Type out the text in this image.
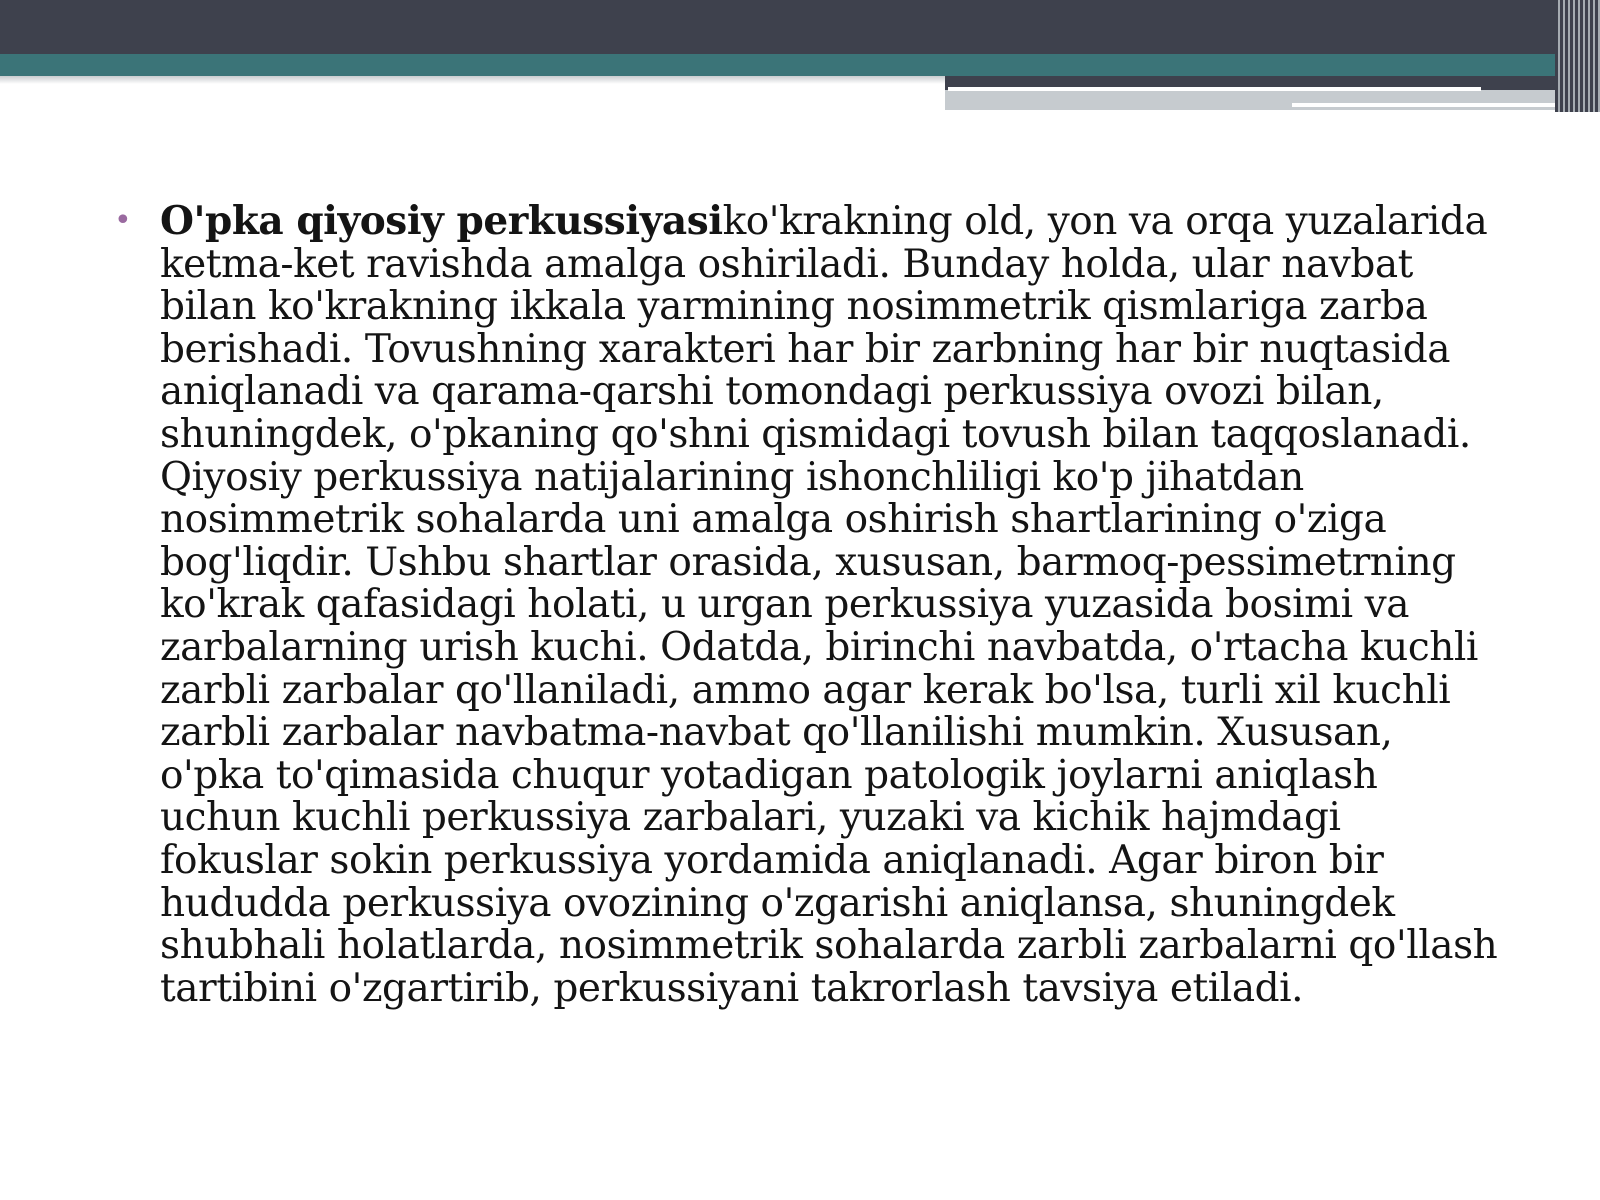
• O'pka qiyosiy perkussiyasiko'krakning old, yon va orqa yuzalarida ketma-ket ravishda amalga oshiriladi. Bunday holda, ular navbat bilan ko'krakning ikkala yarmining nosimmetrik qismlariga zarba berishadi. Tovushning xarakteri har bir zarbning har bir nuqtasida aniqlanadi va qarama-qarshi tomondagi perkussiya ovozi bilan, shuningdek, o'pkaning qo'shni qismidagi tovush bilan taqqoslanadi. Qiyosiy perkussiya natijalarining ishonchliligi ko'p jihatdan nosimmetrik sohalarda uni amalga oshirish shartlarining o'ziga bog'liqdir. Ushbu shartlar orasida, xususan, barmoq-pessimetrning ko'krak qafasidagi holati, u urgan perkussiya yuzasida bosimi va zarbalarning urish kuchi. Odatda, birinchi navbatda, o'rtacha kuchli zarbli zarbalar qo'llaniladi, ammo agar kerak bo'lsa, turli xil kuchli zarbli zarbalar navbatma-navbat qo'llanilishi mumkin. Xususan, o'pka to'qimasida chuqur yotadigan patologik joylarni aniqlash uchun kuchli perkussiya zarbalari, yuzaki va kichik hajmdagi fokuslar sokin perkussiya yordamida aniqlanadi. Agar biron bir hududda perkussiya ovozining o'zgarishi aniqlansa, shuningdek shubhali holatlarda, nosimmetrik sohalarda zarbli zarbalarni qo'llash tartibini o'zgartirib, perkussiyani takrorlash tavsiya etiladi.
